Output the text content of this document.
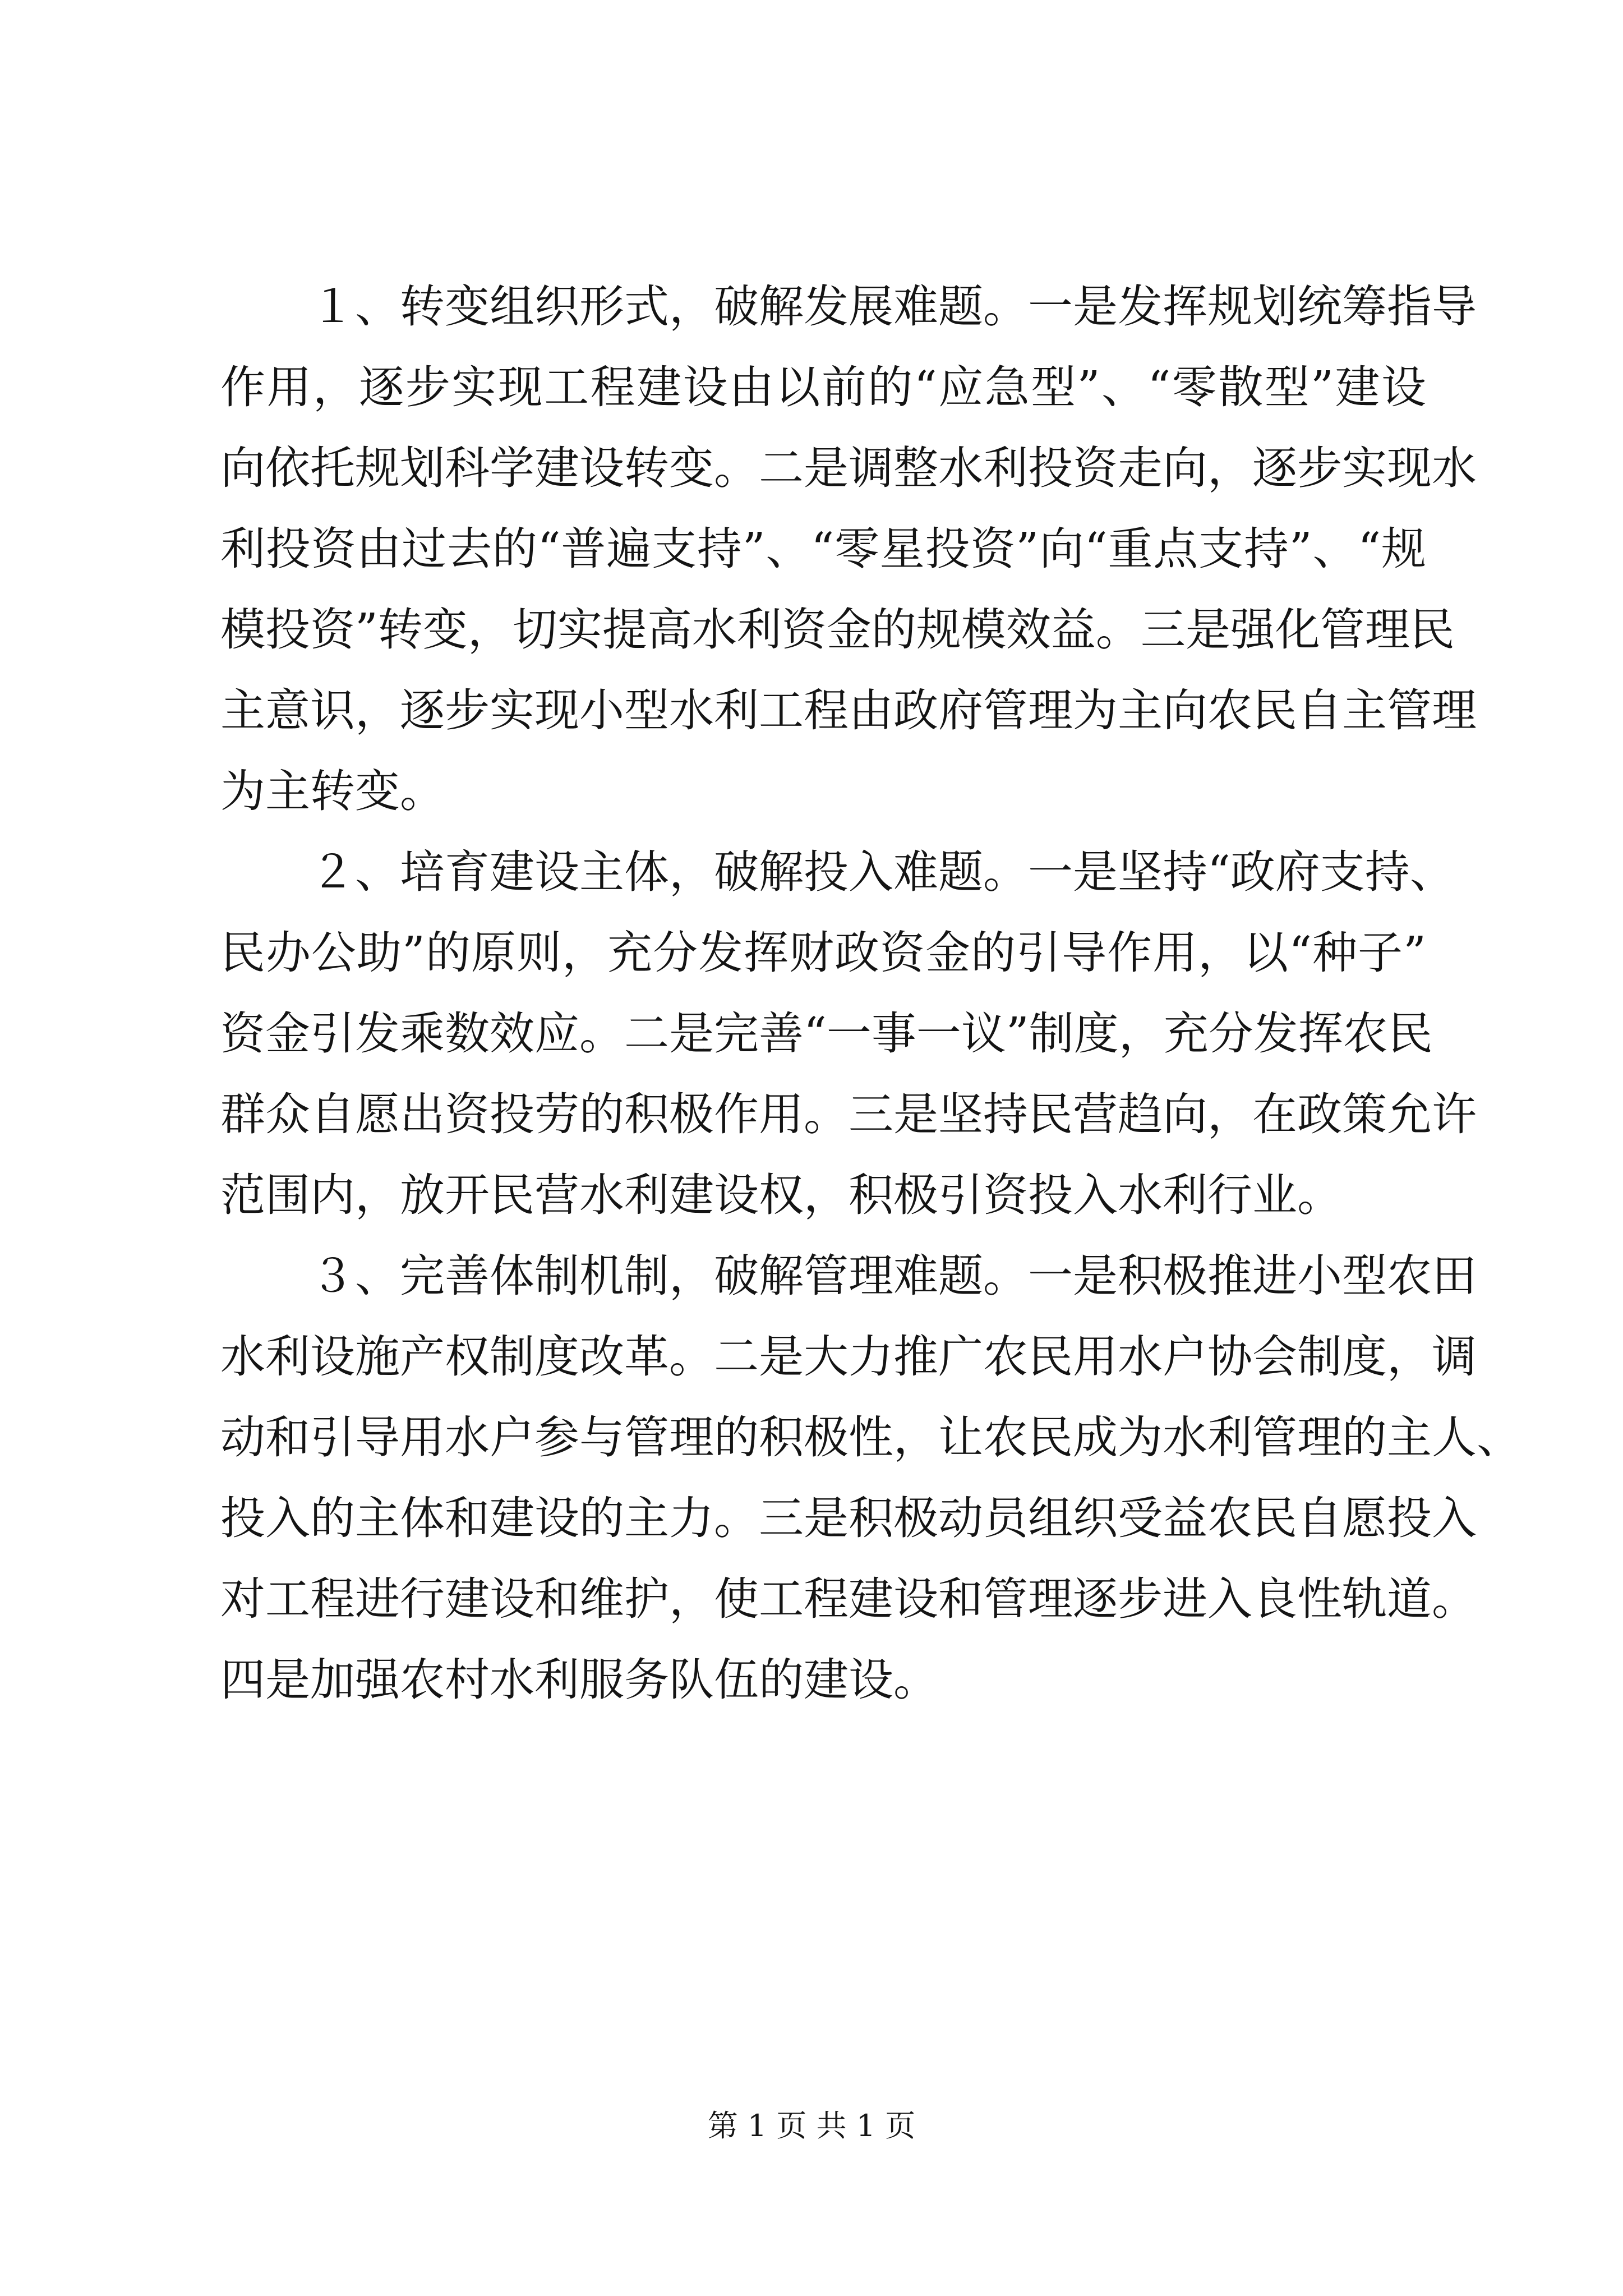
１、转变组织形式，破解发展难题。一是发挥规划统筹指导
作用，逐步实现工程建设由以前的“应急型”、“零散型”建设
向依托规划科学建设转变。二是调整水利投资走向，逐步实现水
利投资由过去的“普遍支持”、“零星投资”向“重点支持”、“规
模投资”转变，切实提高水利资金的规模效益。三是强化管理民
主意识，逐步实现小型水利工程由政府管理为主向农民自主管理
为主转变。
２、培育建设主体，破解投入难题。一是坚持“政府支持、
民办公助”的原则，充分发挥财政资金的引导作用，以“种子”
资金引发乘数效应。二是完善“一事一议”制度，充分发挥农民
群众自愿出资投劳的积极作用。三是坚持民营趋向，在政策允许
范围内，放开民营水利建设权，积极引资投入水利行业。
３、完善体制机制，破解管理难题。一是积极推进小型农田
水利设施产权制度改革。二是大力推广农民用水户协会制度，调
动和引导用水户参与管理的积极性，让农民成为水利管理的主人、
投入的主体和建设的主力。三是积极动员组织受益农民自愿投入
对工程进行建设和维护，使工程建设和管理逐步进入良性轨道。
四是加强农村水利服务队伍的建设。
第 1 页 共 1 页
